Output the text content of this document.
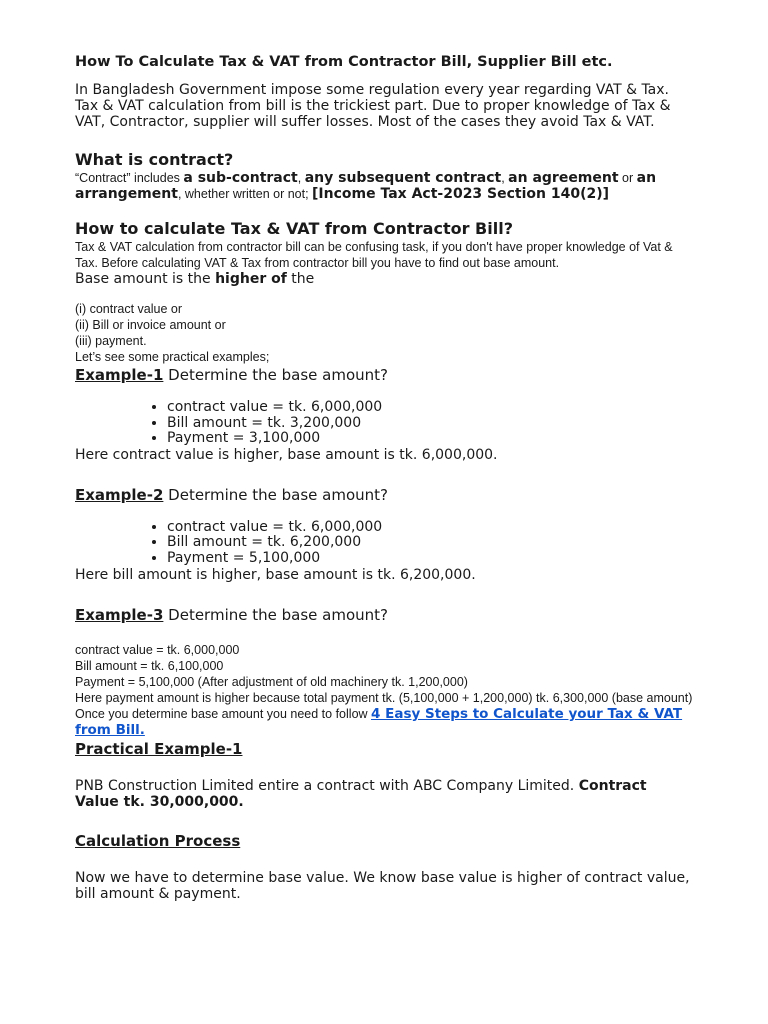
How To Calculate Tax & VAT from Contractor Bill, Supplier Bill etc.

In Bangladesh Government impose some regulation every year regarding VAT & Tax. Tax & VAT calculation from bill is the trickiest part. Due to proper knowledge of Tax & VAT, Contractor, supplier will suffer losses. Most of the cases they avoid Tax & VAT.

What is contract?

“Contract” includes a sub-contract, any subsequent contract, an agreement or an arrangement, whether written or not; [Income Tax Act-2023 Section 140(2)]

How to calculate Tax & VAT from Contractor Bill?

Tax & VAT calculation from contractor bill can be confusing task, if you don't have proper knowledge of Vat & Tax. Before calculating VAT & Tax from contractor bill you have to find out base amount.

Base amount is the higher of the

(i) contract value or
(ii) Bill or invoice amount or
(iii) payment.
Let’s see some practical examples;

Example-1 Determine the base amount?

• contract value = tk. 6,000,000
• Bill amount = tk. 3,200,000
• Payment = 3,100,000

Here contract value is higher, base amount is tk. 6,000,000.

Example-2 Determine the base amount?

• contract value = tk. 6,000,000
• Bill amount = tk. 6,200,000
• Payment = 5,100,000

Here bill amount is higher, base amount is tk. 6,200,000.

Example-3 Determine the base amount?

contract value = tk. 6,000,000
Bill amount = tk. 6,100,000
Payment = 5,100,000 (After adjustment of old machinery tk. 1,200,000)
Here payment amount is higher because total payment tk. (5,100,000 + 1,200,000) tk. 6,300,000 (base amount)
Once you determine base amount you need to follow 4 Easy Steps to Calculate your Tax & VAT from Bill.

Practical Example-1

PNB Construction Limited entire a contract with ABC Company Limited. Contract Value tk. 30,000,000.

Calculation Process

Now we have to determine base value. We know base value is higher of contract value, bill amount & payment.
